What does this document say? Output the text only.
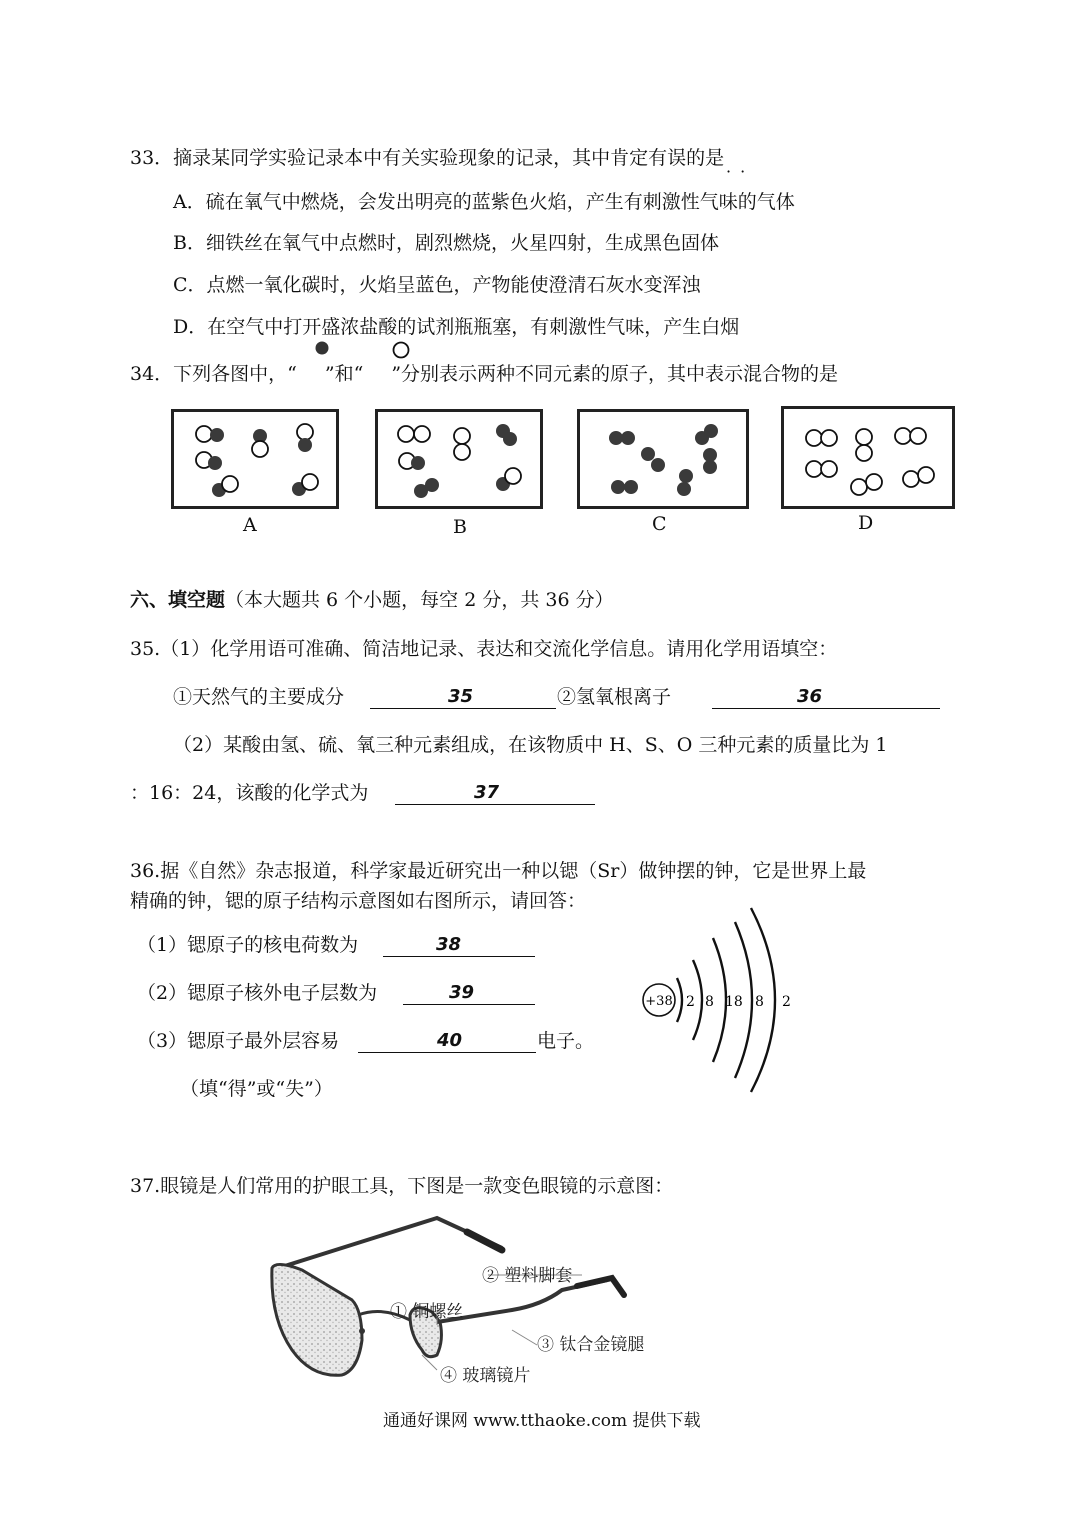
33．摘录某同学实验记录本中有关实验现象的记录，其中肯定有误的是
· ·
A．硫在氧气中燃烧，会发出明亮的蓝紫色火焰，产生有刺激性气味的气体
B．细铁丝在氧气中点燃时，剧烈燃烧，火星四射，生成黑色固体
C．点燃一氧化碳时，火焰呈蓝色，产物能使澄清石灰水变浑浊
D．在空气中打开盛浓盐酸的试剂瓶瓶塞，有刺激性气味，产生白烟
34．下列各图中，“ ”和“ ”分别表示两种不同元素的原子，其中表示混合物的是
A	B	C	D
六、填空题（本大题共 6 个小题，每空 2 分，共 36 分）
35.（1）化学用语可准确、简洁地记录、表达和交流化学信息。请用化学用语填空：
①天然气的主要成分	35	②氢氧根离子	36
（2）某酸由氢、硫、氧三种元素组成，在该物质中 H、S、O 三种元素的质量比为 1
：16：24，该酸的化学式为	37
36.据《自然》杂志报道，科学家最近研究出一种以锶（Sr）做钟摆的钟，它是世界上最
精确的钟，锶的原子结构示意图如右图所示，请回答：
（1）锶原子的核电荷数为	38
（2）锶原子核外电子层数为	39
（3）锶原子最外层容易	40	电子。
（填“得”或“失”）
+38 2 8 18 8 2
37.眼镜是人们常用的护眼工具，下图是一款变色眼镜的示意图：
② 塑料脚套
① 铜螺丝
③ 钛合金镜腿
④ 玻璃镜片
通通好课网 www.tthaoke.com 提供下载
